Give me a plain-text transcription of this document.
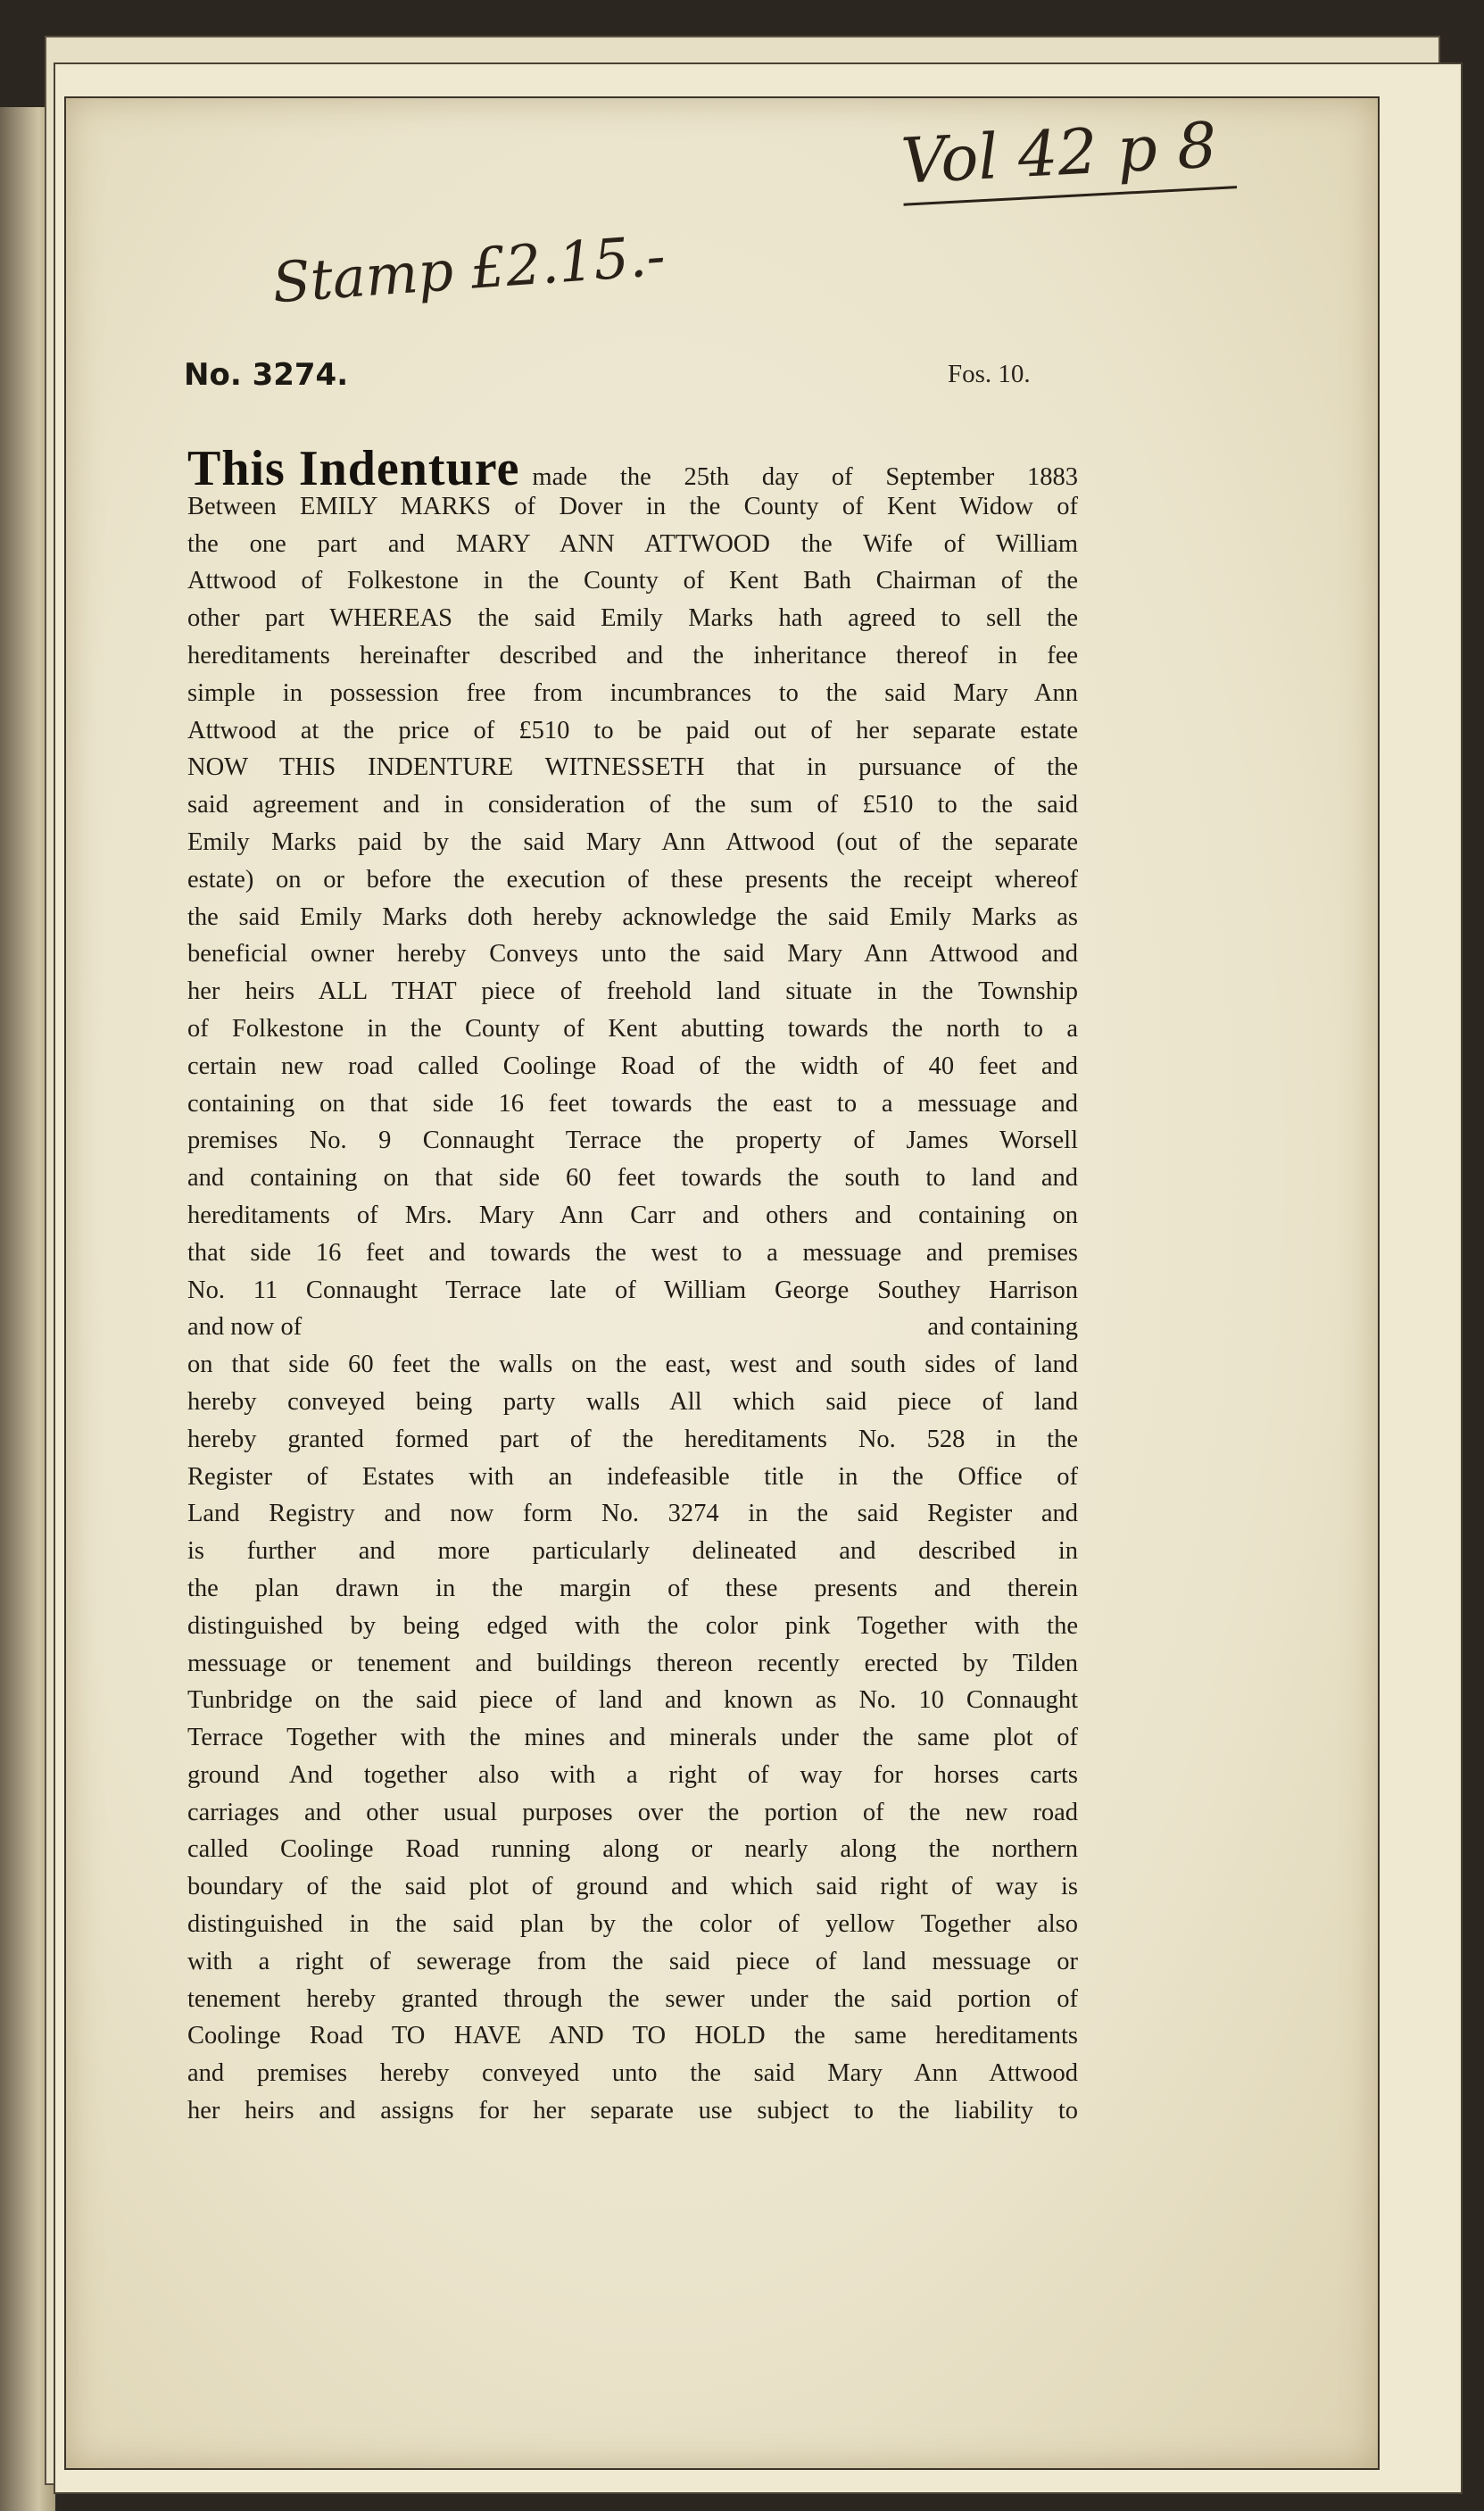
Vol 42 p 8
Stamp £2.15.-
No. 3274.	Fos. 10.
This Indenture made the 25th day of September 1883
Between EMILY MARKS of Dover in the County of Kent Widow of
the one part and MARY ANN ATTWOOD the Wife of William
Attwood of Folkestone in the County of Kent Bath Chairman of the
other part WHEREAS the said Emily Marks hath agreed to sell the
hereditaments hereinafter described and the inheritance thereof in fee
simple in possession free from incumbrances to the said Mary Ann
Attwood at the price of £510 to be paid out of her separate estate
NOW THIS INDENTURE WITNESSETH that in pursuance of the
said agreement and in consideration of the sum of £510 to the said
Emily Marks paid by the said Mary Ann Attwood (out of the separate
estate) on or before the execution of these presents the receipt whereof
the said Emily Marks doth hereby acknowledge the said Emily Marks as
beneficial owner hereby Conveys unto the said Mary Ann Attwood and
her heirs ALL THAT piece of freehold land situate in the Township
of Folkestone in the County of Kent abutting towards the north to a
certain new road called Coolinge Road of the width of 40 feet and
containing on that side 16 feet towards the east to a messuage and
premises No. 9 Connaught Terrace the property of James Worsell
and containing on that side 60 feet towards the south to land and
hereditaments of Mrs. Mary Ann Carr and others and containing on
that side 16 feet and towards the west to a messuage and premises
No. 11 Connaught Terrace late of William George Southey Harrison
and now of	and containing
on that side 60 feet the walls on the east, west and south sides of land
hereby conveyed being party walls All which said piece of land
hereby granted formed part of the hereditaments No. 528 in the
Register of Estates with an indefeasible title in the Office of
Land Registry and now form No. 3274 in the said Register and
is further and more particularly delineated and described in
the plan drawn in the margin of these presents and therein
distinguished by being edged with the color pink Together with the
messuage or tenement and buildings thereon recently erected by Tilden
Tunbridge on the said piece of land and known as No. 10 Connaught
Terrace Together with the mines and minerals under the same plot of
ground And together also with a right of way for horses carts
carriages and other usual purposes over the portion of the new road
called Coolinge Road running along or nearly along the northern
boundary of the said plot of ground and which said right of way is
distinguished in the said plan by the color of yellow Together also
with a right of sewerage from the said piece of land messuage or
tenement hereby granted through the sewer under the said portion of
Coolinge Road TO HAVE AND TO HOLD the same hereditaments
and premises hereby conveyed unto the said Mary Ann Attwood
her heirs and assigns for her separate use subject to the liability to
